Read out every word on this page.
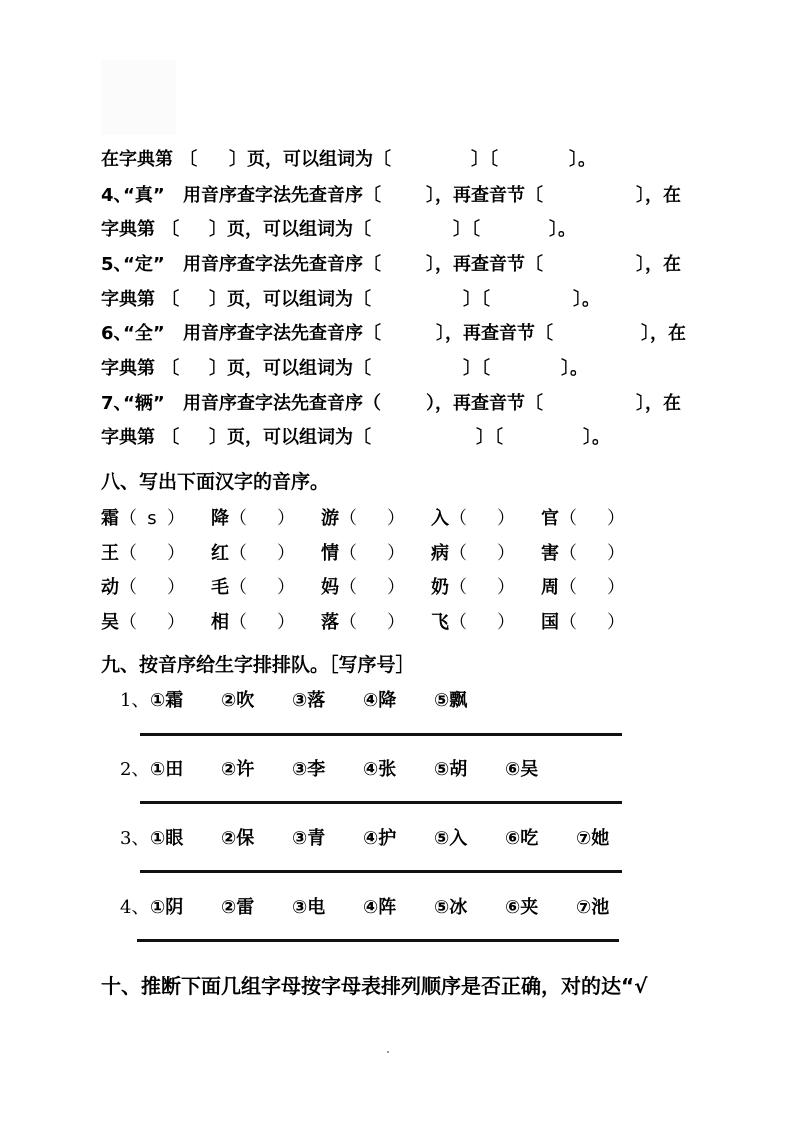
在字典第 〔

〕页，可以组词为〔

	〕〔

	〕。

4、

“真”

用音序查字法先查音序〔

	〕，再查音节〔

	〕，在

字典第 〔

〕页，可以组词为〔

	〕〔

	〕。

5、

“定”

用音序查字法先查音序〔

	〕，再查音节〔

	〕，在

字典第 〔

〕页，可以组词为〔

	〕〔

	〕。

6、

“全”

用音序查字法先查音序〔

	〕，再查音节〔

	〕，在

字典第 〔

〕页，可以组词为〔

	〕〔

	〕。

7、

“辆”

用音序查字法先查音序（

	），再查音节〔

	〕，在

字典第 〔

〕页，可以组词为〔

	〕〔

	〕。

八、写出下面汉字的音序。
霜（ s ） 降（ ） 游（ ） 入（ ） 官（ ）
王（ ） 红（ ） 情（ ） 病（ ） 害（ ）
动（ ） 毛（ ） 妈（ ） 奶（ ） 周（ ）
吴（ ） 相（ ） 落（ ） 飞（ ） 国（ ）
九、按音序给生字排排队。［写序号］
1、 ①霜 ②吹 ③落 ④降 ⑤飘
2、 ①田 ②许 ③李 ④张 ⑤胡 ⑥吴
3、 ①眼 ②保 ③青 ④护 ⑤入 ⑥吃 ⑦她
4、 ①阴 ②雷 ③电 ④阵 ⑤冰 ⑥夹 ⑦池
十、推断下面几组字母按字母表排列顺序是否正确，对的达“√
